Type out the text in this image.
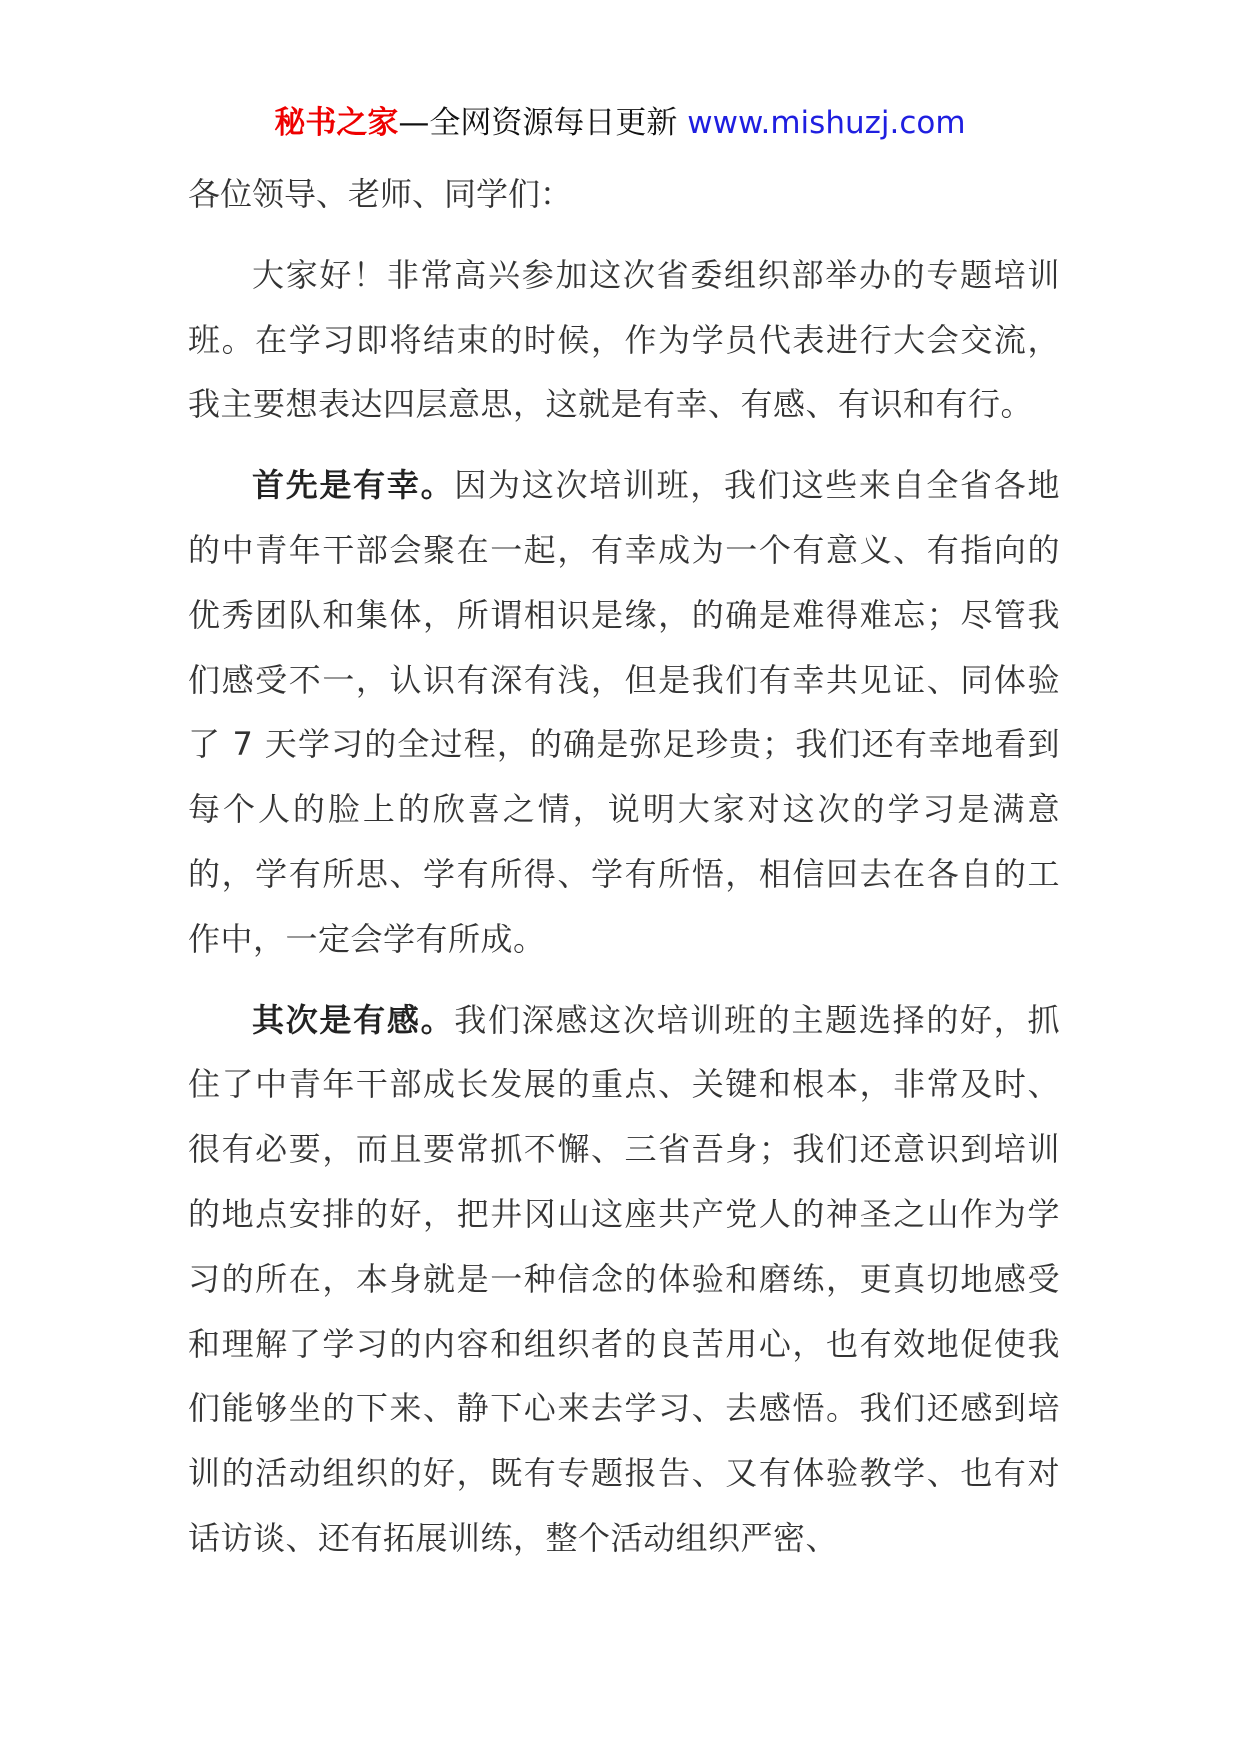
秘书之家—全网资源每日更新 www.mishuzj.com

各位领导、老师、同学们：

大家好！非常高兴参加这次省委组织部举办的专题培训班。在学习即将结束的时候，作为学员代表进行大会交流，我主要想表达四层意思，这就是有幸、有感、有识和有行。

首先是有幸。因为这次培训班，我们这些来自全省各地的中青年干部会聚在一起，有幸成为一个有意义、有指向的优秀团队和集体，所谓相识是缘，的确是难得难忘；尽管我们感受不一，认识有深有浅，但是我们有幸共见证、同体验了 7 天学习的全过程，的确是弥足珍贵；我们还有幸地看到每个人的脸上的欣喜之情，说明大家对这次的学习是满意的，学有所思、学有所得、学有所悟，相信回去在各自的工作中，一定会学有所成。

其次是有感。我们深感这次培训班的主题选择的好，抓住了中青年干部成长发展的重点、关键和根本，非常及时、很有必要，而且要常抓不懈、三省吾身；我们还意识到培训的地点安排的好，把井冈山这座共产党人的神圣之山作为学习的所在，本身就是一种信念的体验和磨练，更真切地感受和理解了学习的内容和组织者的良苦用心，也有效地促使我们能够坐的下来、静下心来去学习、去感悟。我们还感到培训的活动组织的好，既有专题报告、又有体验教学、也有对话访谈、还有拓展训练，整个活动组织严密、
